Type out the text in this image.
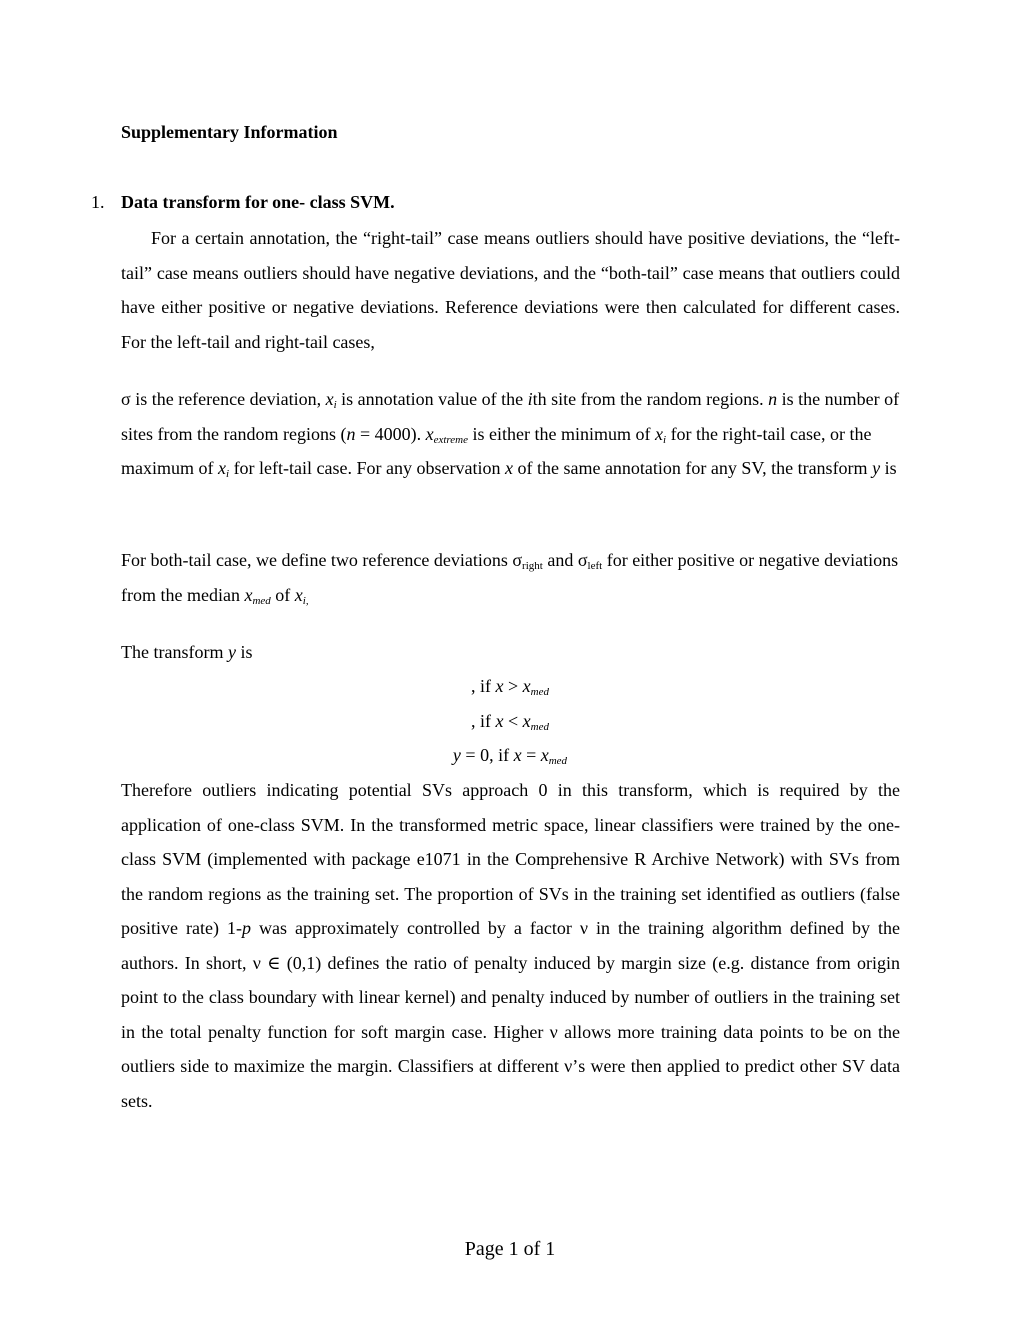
Supplementary Information
1. Data transform for one- class SVM.

For a certain annotation, the “right-tail” case means outliers should have positive deviations, the “left-tail” case means outliers should have negative deviations, and the “both-tail” case means that outliers could have either positive or negative deviations. Reference deviations were then calculated for different cases. For the left-tail and right-tail cases,

σ is the reference deviation, $x_i$ is annotation value of the ith site from the random regions. n is the number of sites from the random regions (n = 4000). $x_{extreme}$ is either the minimum of $x_i$ for the right-tail case, or the maximum of $x_i$ for left-tail case. For any observation x of the same annotation for any SV, the transform y is

For both-tail case, we define two reference deviations $\sigma_{right}$ and $\sigma_{left}$ for either positive or negative deviations from the median $x_{med}$ of $x_{i,}$

The transform y is

, if $x > x_{med}$
, if $x < x_{med}$
y = 0, if $x = x_{med}$

Therefore outliers indicating potential SVs approach 0 in this transform, which is required by the application of one-class SVM. In the transformed metric space, linear classifiers were trained by the one-class SVM (implemented with package e1071 in the Comprehensive R Archive Network) with SVs from the random regions as the training set. The proportion of SVs in the training set identified as outliers (false positive rate) 1-p was approximately controlled by a factor ν in the training algorithm defined by the authors. In short, ν ∈ (0,1) defines the ratio of penalty induced by margin size (e.g. distance from origin point to the class boundary with linear kernel) and penalty induced by number of outliers in the training set in the total penalty function for soft margin case. Higher ν allows more training data points to be on the outliers side to maximize the margin. Classifiers at different ν’s were then applied to predict other SV data sets.

Page 1 of 1
